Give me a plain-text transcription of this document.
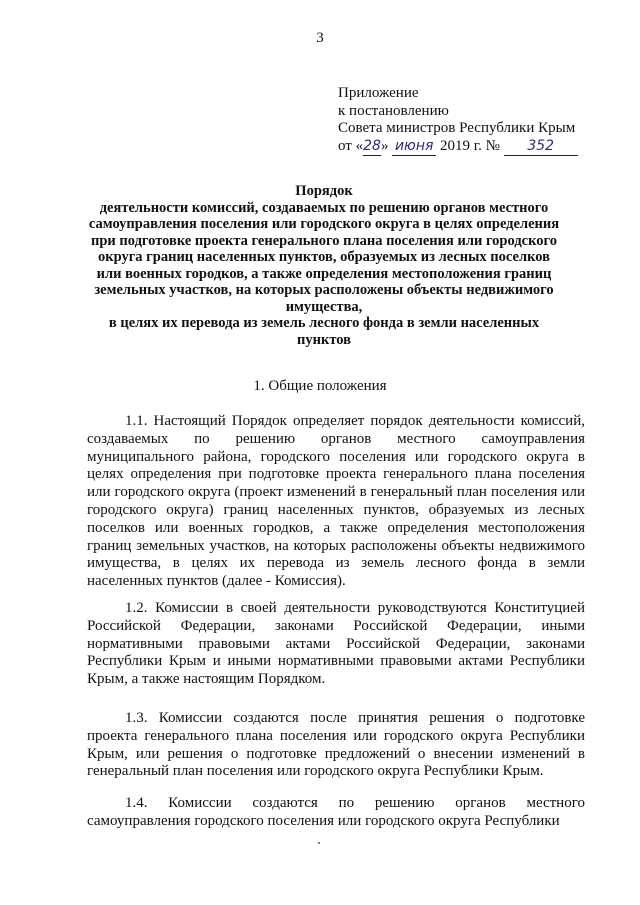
3
Приложение
к постановлению
Совета министров Республики Крым
от «28» июня 2019 г. № 352
Порядок
деятельности комиссий, создаваемых по решению органов местного
самоуправления поселения или городского округа в целях определения
при подготовке проекта генерального плана поселения или городского
округа границ населенных пунктов, образуемых из лесных поселков
или военных городков, а также определения местоположения границ
земельных участков, на которых расположены объекты недвижимого
имущества,
в целях их перевода из земель лесного фонда в земли населенных
пунктов
1. Общие положения
1.1. Настоящий Порядок определяет порядок деятельности комиссий, создаваемых по решению органов местного самоуправления муниципального района, городского поселения или городского округа в целях определения при подготовке проекта генерального плана поселения или городского округа (проект изменений в генеральный план поселения или городского округа) границ населенных пунктов, образуемых из лесных поселков или военных городков, а также определения местоположения границ земельных участков, на которых расположены объекты недвижимого имущества, в целях их перевода из земель лесного фонда в земли населенных пунктов (далее - Комиссия).
1.2. Комиссии в своей деятельности руководствуются Конституцией Российской Федерации, законами Российской Федерации, иными нормативными правовыми актами Российской Федерации, законами Республики Крым и иными нормативными правовыми актами Республики Крым, а также настоящим Порядком.
1.3. Комиссии создаются после принятия решения о подготовке проекта генерального плана поселения или городского округа Республики Крым, или решения о подготовке предложений о внесении изменений в генеральный план поселения или городского округа Республики Крым.
1.4. Комиссии создаются по решению органов местного самоуправления городского поселения или городского округа Республики
